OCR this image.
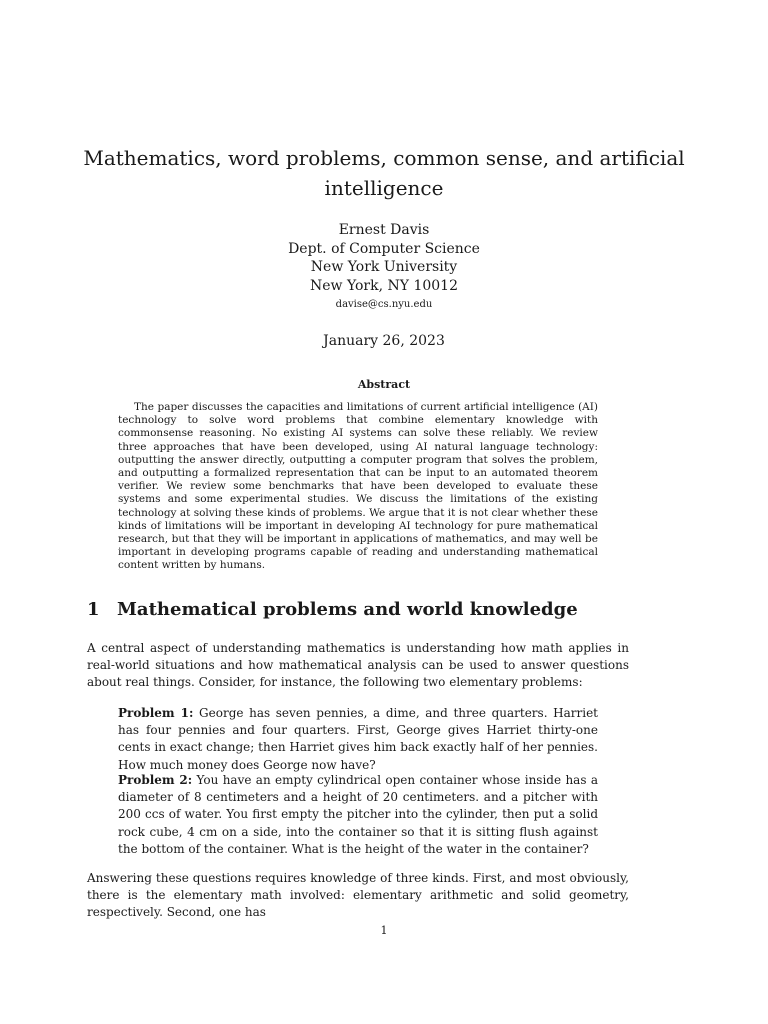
Mathematics, word problems, common sense, and artificial intelligence
Ernest Davis
Dept. of Computer Science
New York University
New York, NY 10012
davise@cs.nyu.edu
January 26, 2023
Abstract
The paper discusses the capacities and limitations of current artificial intelligence (AI) technology to solve word problems that combine elementary knowledge with commonsense reasoning. No existing AI systems can solve these reliably. We review three approaches that have been developed, using AI natural language technology: outputting the answer directly, outputting a computer program that solves the problem, and outputting a formalized representation that can be input to an automated theorem verifier. We review some benchmarks that have been developed to evaluate these systems and some experimental studies. We discuss the limitations of the existing technology at solving these kinds of problems. We argue that it is not clear whether these kinds of limitations will be important in developing AI technology for pure mathematical research, but that they will be important in applications of mathematics, and may well be important in developing programs capable of reading and understanding mathematical content written by humans.
1 Mathematical problems and world knowledge
A central aspect of understanding mathematics is understanding how math applies in real-world situations and how mathematical analysis can be used to answer questions about real things. Consider, for instance, the following two elementary problems:
Problem 1: George has seven pennies, a dime, and three quarters. Harriet has four pennies and four quarters. First, George gives Harriet thirty-one cents in exact change; then Harriet gives him back exactly half of her pennies. How much money does George now have?
Problem 2: You have an empty cylindrical open container whose inside has a diameter of 8 centimeters and a height of 20 centimeters. and a pitcher with 200 ccs of water. You first empty the pitcher into the cylinder, then put a solid rock cube, 4 cm on a side, into the container so that it is sitting flush against the bottom of the container. What is the height of the water in the container?
Answering these questions requires knowledge of three kinds. First, and most obviously, there is the elementary math involved: elementary arithmetic and solid geometry, respectively. Second, one has
1
